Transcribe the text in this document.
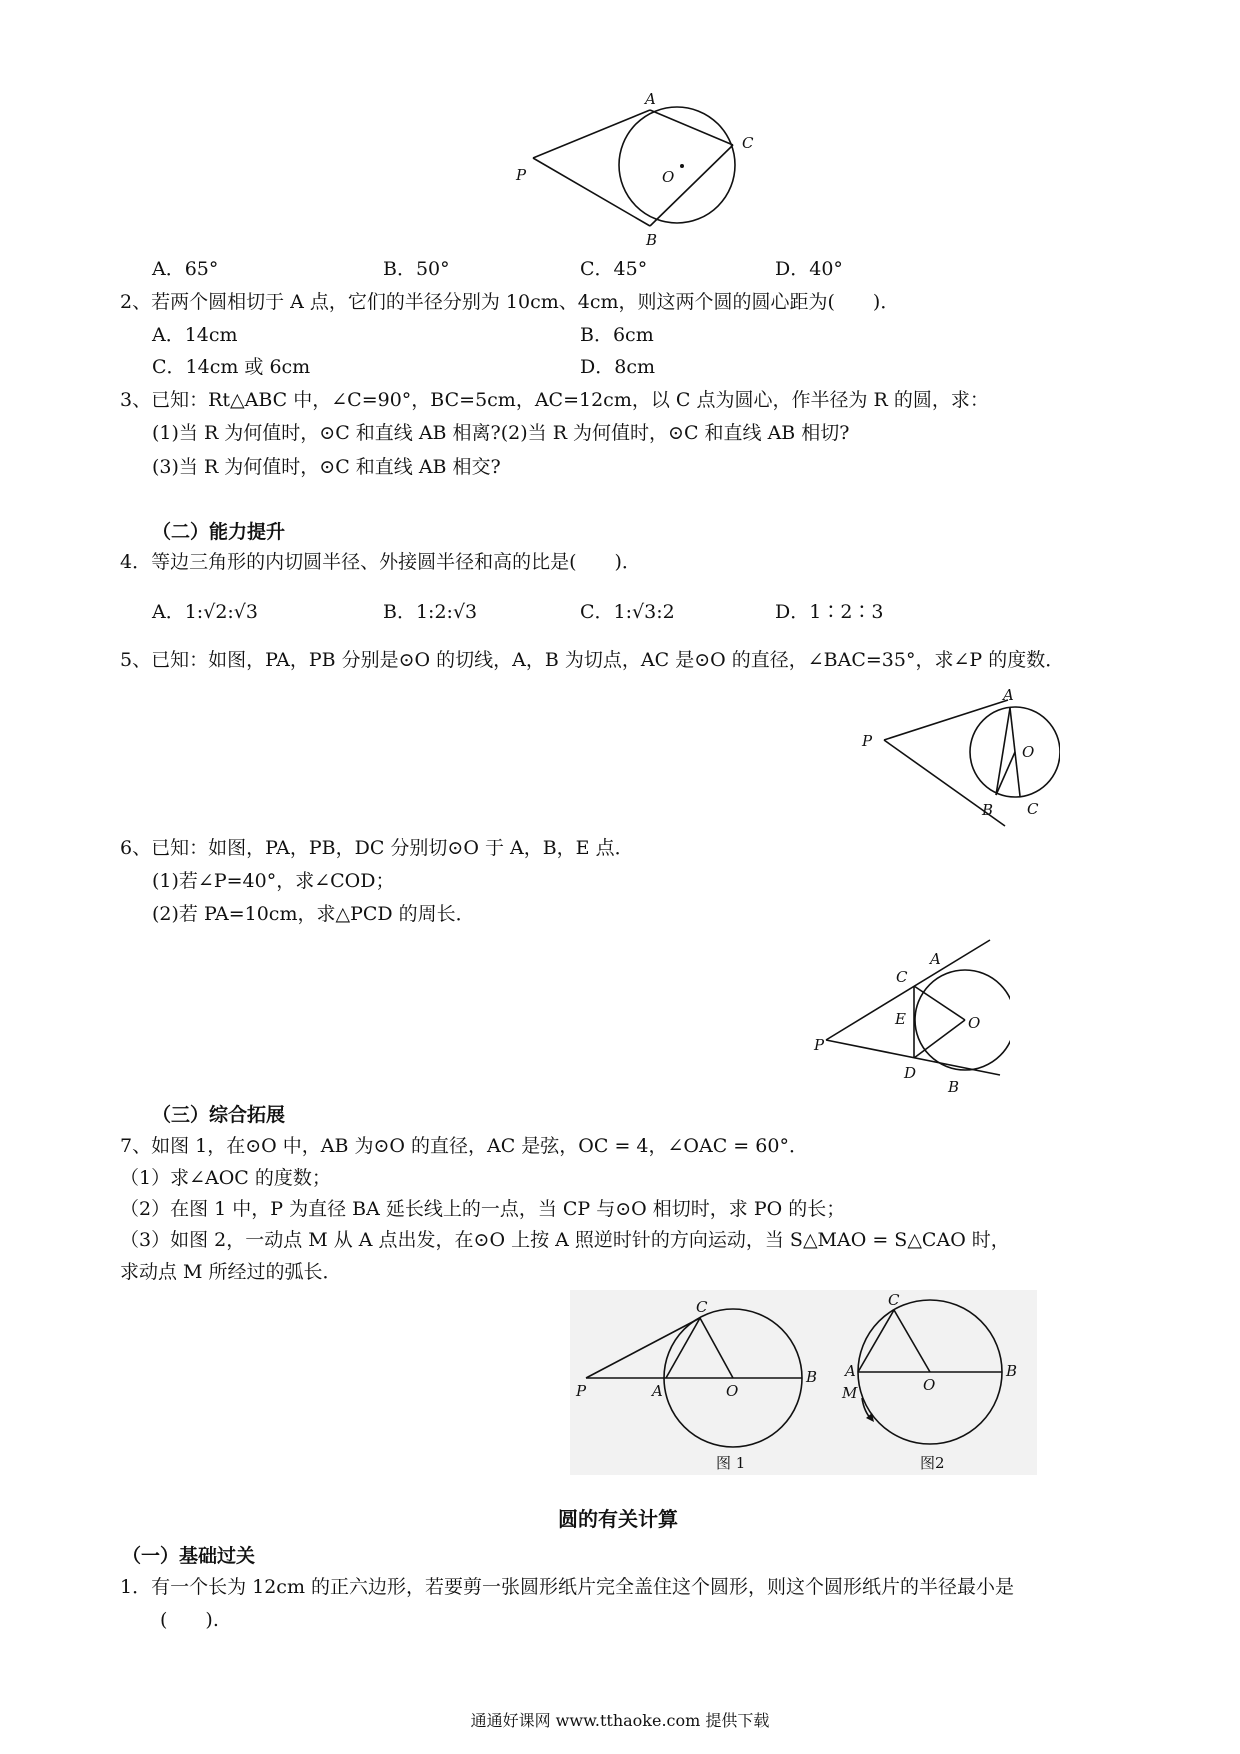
A
C
P	O
B
A．65°	B．50°	C．45°	D．40°
2、若两个圆相切于 A 点，它们的半径分别为 10cm、4cm，则这两个圆的圆心距为(　　)．
A．14cm	B．6cm
C．14cm 或 6cm	D．8cm
3、已知：Rt△ABC 中，∠C=90°，BC=5cm，AC=12cm，以 C 点为圆心，作半径为 R 的圆，求：
(1)当 R 为何值时，⊙C 和直线 AB 相离?(2)当 R 为何值时，⊙C 和直线 AB 相切?
(3)当 R 为何值时，⊙C 和直线 AB 相交?
（二）能力提升
4．等边三角形的内切圆半径、外接圆半径和高的比是(　　)．
A．1:√2:√3	B．1:2:√3	C．1:√3:2	D．1∶2∶3
5、已知：如图，PA，PB 分别是⊙O 的切线，A，B 为切点，AC 是⊙O 的直径，∠BAC=35°，求∠P 的度数．
A
P
O
B C
6、已知：如图，PA，PB，DC 分别切⊙O 于 A，B，E 点．
(1)若∠P=40°，求∠COD；
(2)若 PA=10cm，求△PCD 的周长．
A
C
E	O
P
D
B
（三）综合拓展
7、如图 1，在⊙O 中，AB 为⊙O 的直径，AC 是弦，OC = 4，∠OAC = 60°．
（1）求∠AOC 的度数；
（2）在图 1 中，P 为直径 BA 延长线上的一点，当 CP 与⊙O 相切时，求 PO 的长；
（3）如图 2，一动点 M 从 A 点出发，在⊙O 上按 A 照逆时针的方向运动，当 S△MAO = S△CAO 时，
求动点 M 所经过的弧长．
C
P	A	O
B
图 1
C
A
M	O
B
图2
圆的有关计算
（一）基础过关
1．有一个长为 12cm 的正六边形，若要剪一张圆形纸片完全盖住这个圆形，则这个圆形纸片的半径最小是
(　　).
通通好课网 www.tthaoke.com 提供下载
